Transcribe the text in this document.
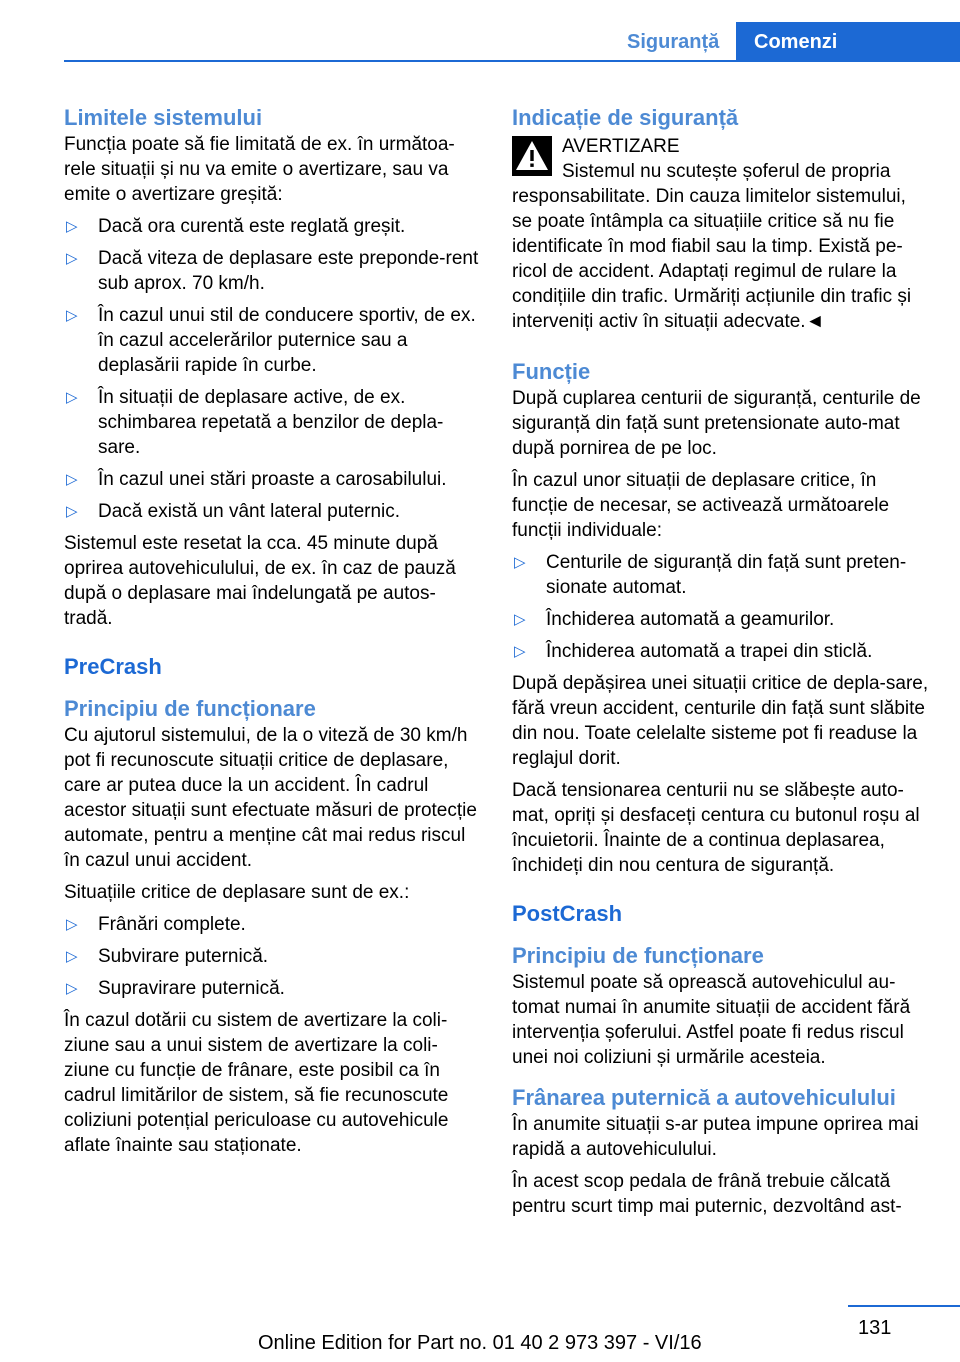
Siguranță	Comenzi
Limitele sistemului

Funcția poate să fie limitată de ex. în următoa-rele situații și nu va emite o avertizare, sau va emite o avertizare greșită:

▷ Dacă ora curentă este reglată greșit.
▷ Dacă viteza de deplasare este preponde-rent sub aprox. 70 km/h.
▷ În cazul unui stil de conducere sportiv, de ex. în cazul accelerărilor puternice sau a deplasării rapide în curbe.
▷ În situații de deplasare active, de ex. schimbarea repetată a benzilor de depla-sare.
▷ În cazul unei stări proaste a carosabilului.
▷ Dacă există un vânt lateral puternic.

Sistemul este resetat la cca. 45 minute după oprirea autovehiculului, de ex. în caz de pauză după o deplasare mai îndelungată pe autos-tradă.

PreCrash
Principiu de funcționare

Cu ajutorul sistemului, de la o viteză de 30 km/h pot fi recunoscute situații critice de deplasare, care ar putea duce la un accident. În cadrul acestor situații sunt efectuate măsuri de protecție automate, pentru a menține cât mai redus riscul în cazul unui accident.

Situațiile critice de deplasare sunt de ex.:

▷ Frânări complete.
▷ Subvirare puternică.
▷ Supravirare puternică.

În cazul dotării cu sistem de avertizare la coli-ziune sau a unui sistem de avertizare la coli-ziune cu funcție de frânare, este posibil ca în cadrul limitărilor de sistem, să fie recunoscute coliziuni potențial periculoase cu autovehicule aflate înainte sau staționate.

Indicație de siguranță
AVERTIZARE
Sistemul nu scutește șoferul de propria responsabilitate. Din cauza limitelor sistemului, se poate întâmpla ca situațiile critice să nu fie identificate în mod fiabil sau la timp. Există pe-ricol de accident. Adaptați regimul de rulare la condițiile din trafic. Urmăriți acțiunile din trafic și interveniți activ în situații adecvate.◄
Funcție

După cuplarea centurii de siguranță, centurile de siguranță din față sunt pretensionate auto-mat după pornirea de pe loc.

În cazul unor situații de deplasare critice, în funcție de necesar, se activează următoarele funcții individuale:

▷ Centurile de siguranță din față sunt preten-sionate automat.
▷ Închiderea automată a geamurilor.
▷ Închiderea automată a trapei din sticlă.

După depășirea unei situații critice de depla-sare, fără vreun accident, centurile din față sunt slăbite din nou. Toate celelalte sisteme pot fi readuse la reglajul dorit.

Dacă tensionarea centurii nu se slăbește auto-mat, opriți și desfaceți centura cu butonul roșu al încuietorii. Înainte de a continua deplasarea, închideți din nou centura de siguranță.

PostCrash
Principiu de funcționare

Sistemul poate să oprească autovehiculul au-tomat numai în anumite situații de accident fără intervenția șoferului. Astfel poate fi redus riscul unei noi coliziuni și urmările acesteia.

Frânarea puternică a autovehiculului

În anumite situații s-ar putea impune oprirea mai rapidă a autovehiculului.

În acest scop pedala de frână trebuie călcată pentru scurt timp mai puternic, dezvoltând ast-

131
Online Edition for Part no. 01 40 2 973 397 - VI/16
